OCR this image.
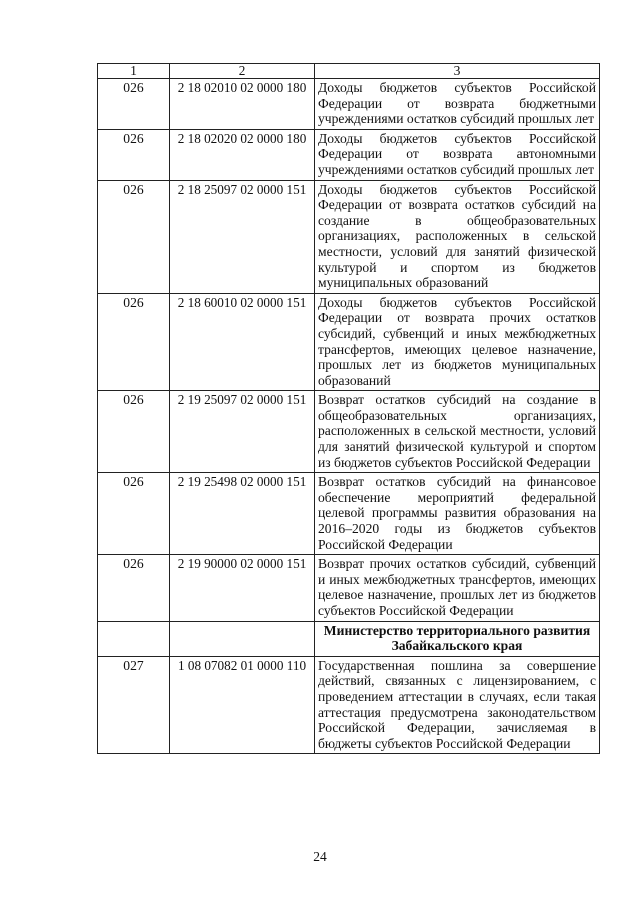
1	2	3
026	2 18 02010 02 0000 180	Доходы бюджетов субъектов Российской Федерации от возврата бюджетными учреждениями остатков субсидий прошлых лет
026	2 18 02020 02 0000 180	Доходы бюджетов субъектов Российской Федерации от возврата автономными учреждениями остатков субсидий прошлых лет
026	2 18 25097 02 0000 151	Доходы бюджетов субъектов Российской Федерации от возврата остатков субсидий на создание в общеобразовательных организациях, расположенных в сельской местности, условий для занятий физической культурой и спортом из бюджетов муниципальных образований
026	2 18 60010 02 0000 151	Доходы бюджетов субъектов Российской Федерации от возврата прочих остатков субсидий, субвенций и иных межбюджетных трансфертов, имеющих целевое назначение, прошлых лет из бюджетов муниципальных образований
026	2 19 25097 02 0000 151	Возврат остатков субсидий на создание в общеобразовательных организациях, расположенных в сельской местности, условий для занятий физической культурой и спортом из бюджетов субъектов Российской Федерации
026	2 19 25498 02 0000 151	Возврат остатков субсидий на финансовое обеспечение мероприятий федеральной целевой программы развития образования на 2016–2020 годы из бюджетов субъектов Российской Федерации
026	2 19 90000 02 0000 151	Возврат прочих остатков субсидий, субвенций и иных межбюджетных трансфертов, имеющих целевое назначение, прошлых лет из бюджетов субъектов Российской Федерации
		Министерство территориального развития Забайкальского края
027	1 08 07082 01 0000 110	Государственная пошлина за совершение действий, связанных с лицензированием, с проведением аттестации в случаях, если такая аттестация предусмотрена законодательством Российской Федерации, зачисляемая в бюджеты субъектов Российской Федерации
24
